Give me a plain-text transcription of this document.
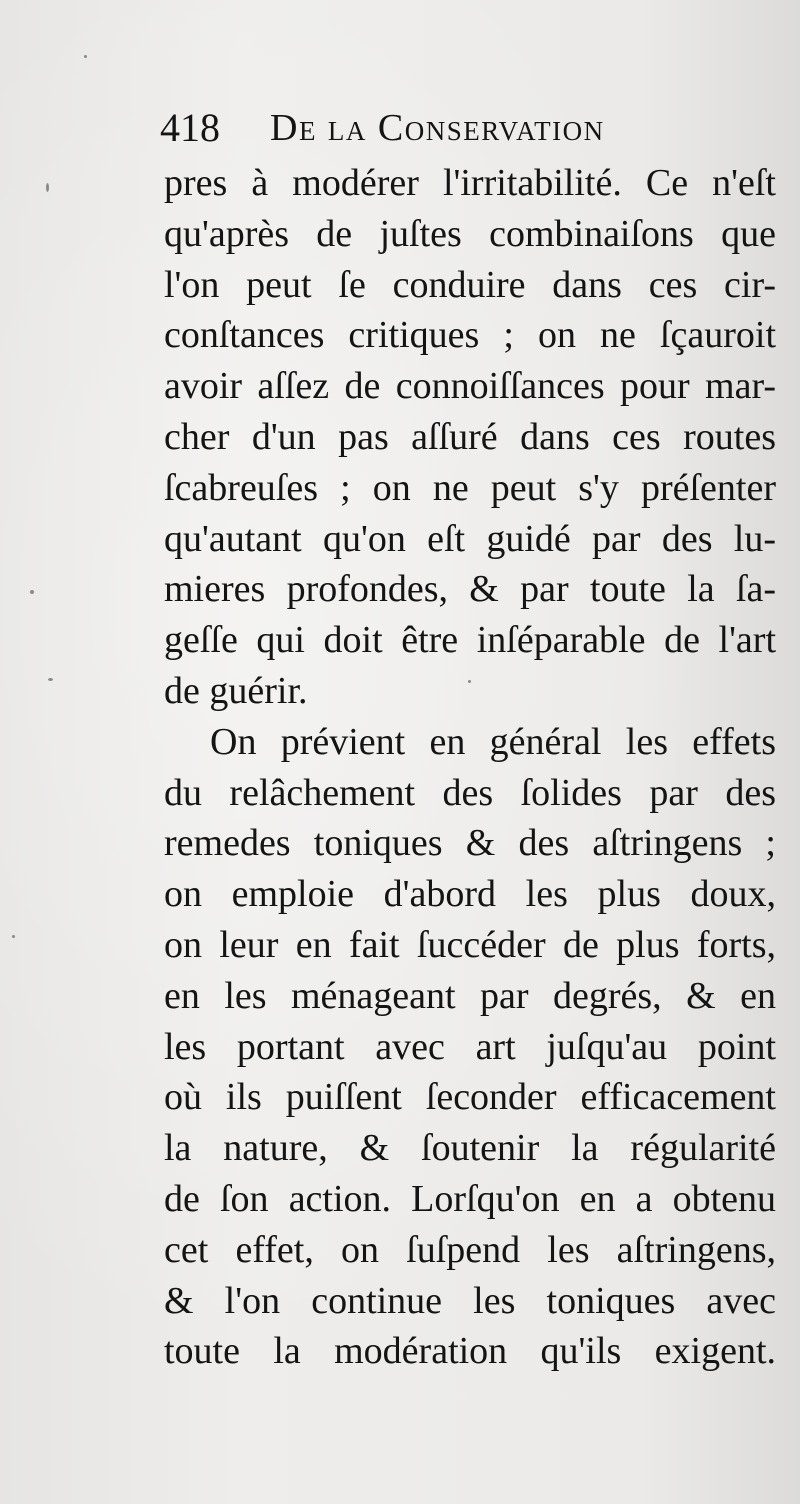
418 De la Conservation
pres à modérer l'irritabilité. Ce n'eſt
qu'après de juſtes combinaiſons que
l'on peut ſe conduire dans ces cir-
conſtances critiques ; on ne ſçauroit
avoir aſſez de connoiſſances pour mar-
cher d'un pas aſſuré dans ces routes
ſcabreuſes ; on ne peut s'y préſenter
qu'autant qu'on eſt guidé par des lu-
mieres profondes, & par toute la ſa-
geſſe qui doit être inſéparable de l'art
de guérir.
On prévient en général les effets
du relâchement des ſolides par des
remedes toniques & des aſtringens ;
on emploie d'abord les plus doux,
on leur en fait ſuccéder de plus forts,
en les ménageant par degrés, & en
les portant avec art juſqu'au point
où ils puiſſent ſeconder efficacement
la nature, & ſoutenir la régularité
de ſon action. Lorſqu'on en a obtenu
cet effet, on ſuſpend les aſtringens,
& l'on continue les toniques avec
toute la modération qu'ils exigent.
